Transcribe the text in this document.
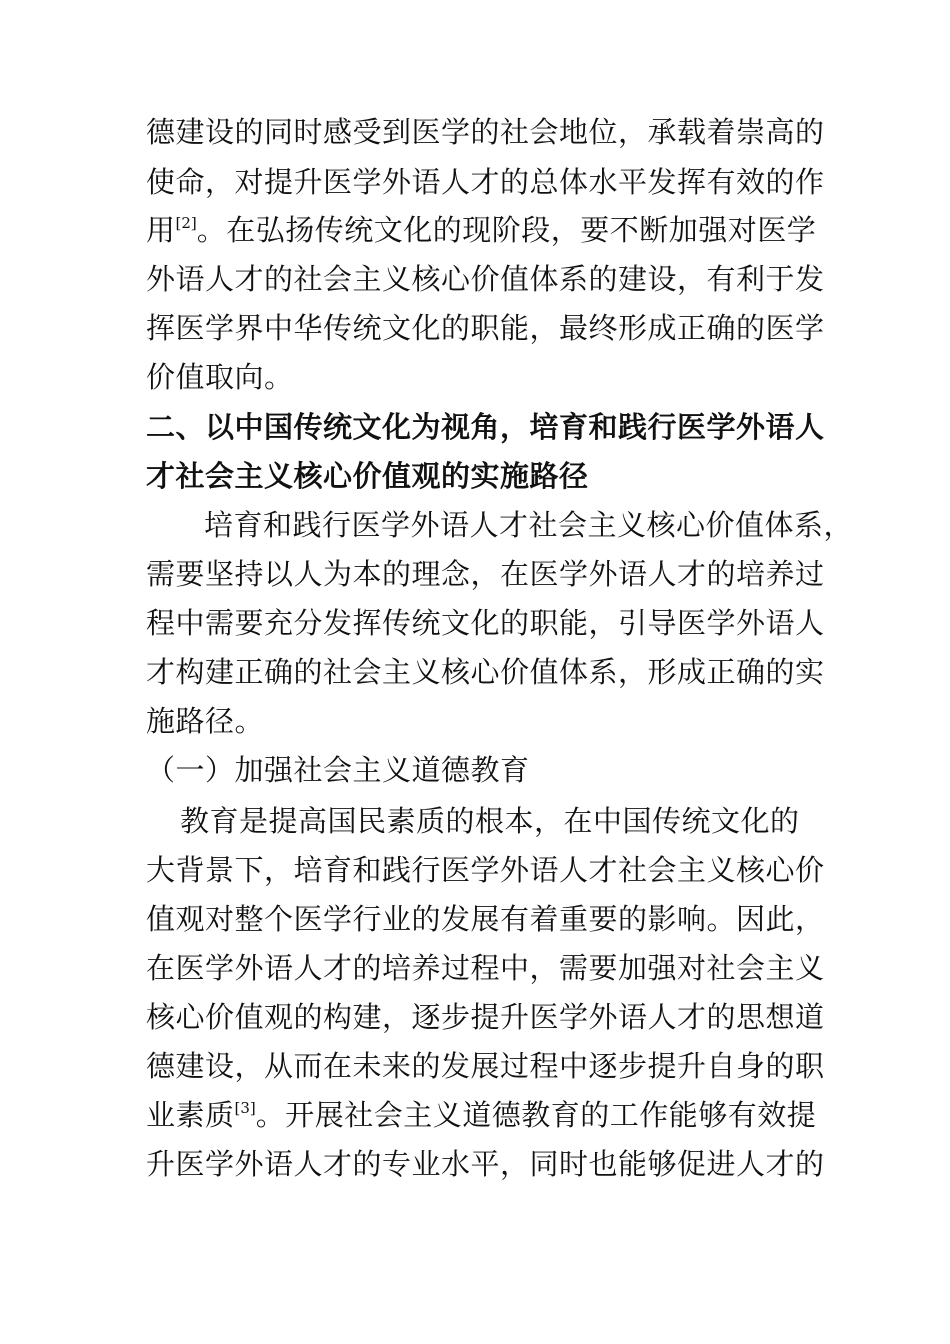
德建设的同时感受到医学的社会地位，承载着崇高的
使命，对提升医学外语人才的总体水平发挥有效的作
用[2]。在弘扬传统文化的现阶段，要不断加强对医学
外语人才的社会主义核心价值体系的建设，有利于发
挥医学界中华传统文化的职能，最终形成正确的医学
价值取向。
二、以中国传统文化为视角，培育和践行医学外语人
才社会主义核心价值观的实施路径
培育和践行医学外语人才社会主义核心价值体系，
需要坚持以人为本的理念，在医学外语人才的培养过
程中需要充分发挥传统文化的职能，引导医学外语人
才构建正确的社会主义核心价值体系，形成正确的实
施路径。
（一）加强社会主义道德教育
教育是提高国民素质的根本，在中国传统文化的
大背景下，培育和践行医学外语人才社会主义核心价
值观对整个医学行业的发展有着重要的影响。因此，
在医学外语人才的培养过程中，需要加强对社会主义
核心价值观的构建，逐步提升医学外语人才的思想道
德建设，从而在未来的发展过程中逐步提升自身的职
业素质[3]。开展社会主义道德教育的工作能够有效提
升医学外语人才的专业水平，同时也能够促进人才的
